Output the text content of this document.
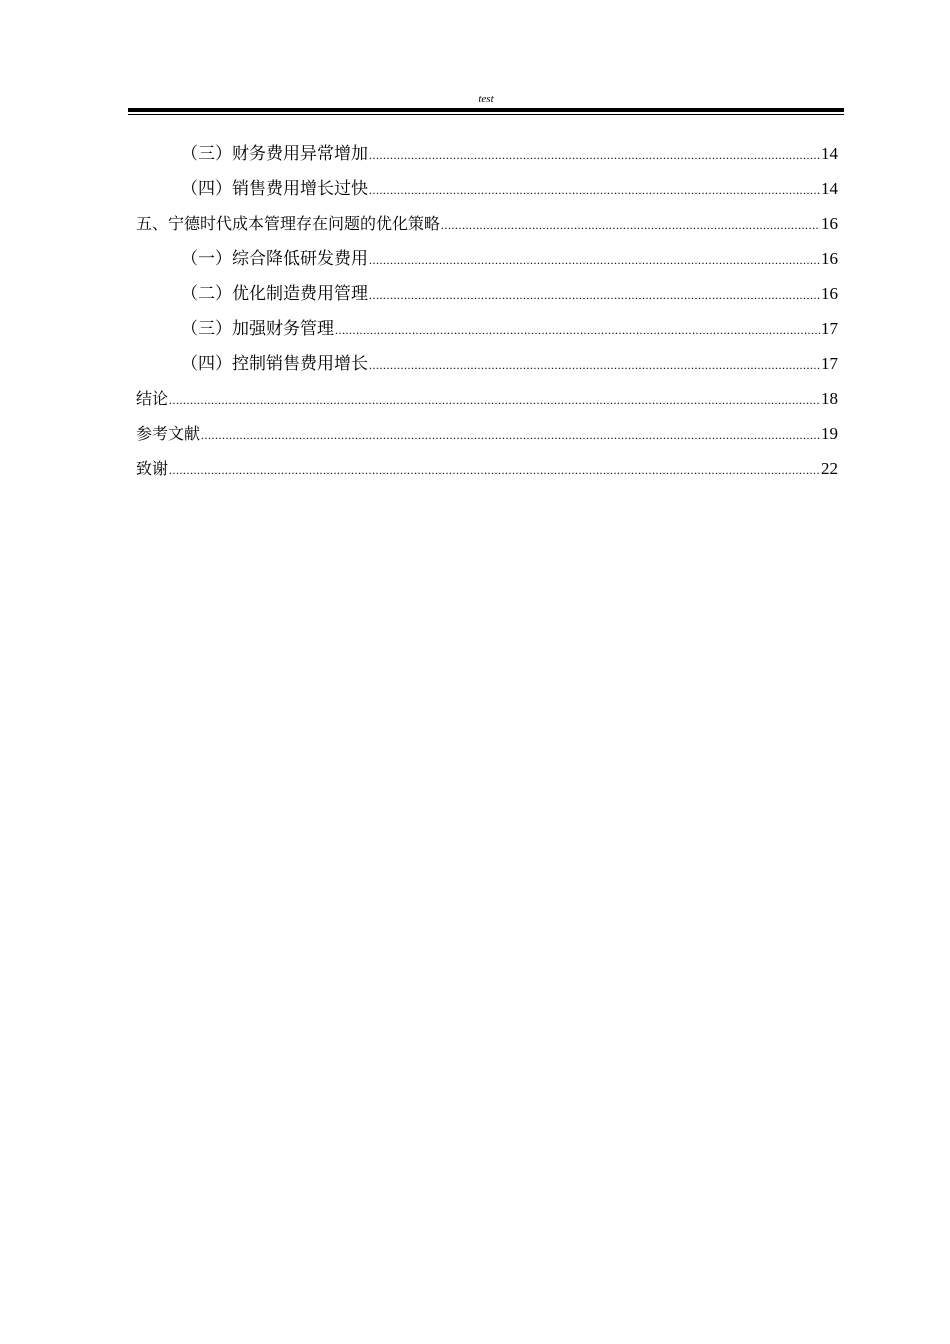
test
（三）财务费用异常增加 .....	14
（四）销售费用增长过快 .....	14
五、宁德时代成本管理存在问题的优化策略 .....	16
（一）综合降低研发费用 .....	16
（二）优化制造费用管理 .....	16
（三）加强财务管理 .....	17
（四）控制销售费用增长 .....	17
结论 .....	18
参考文献 .....	19
致谢 .....	22
